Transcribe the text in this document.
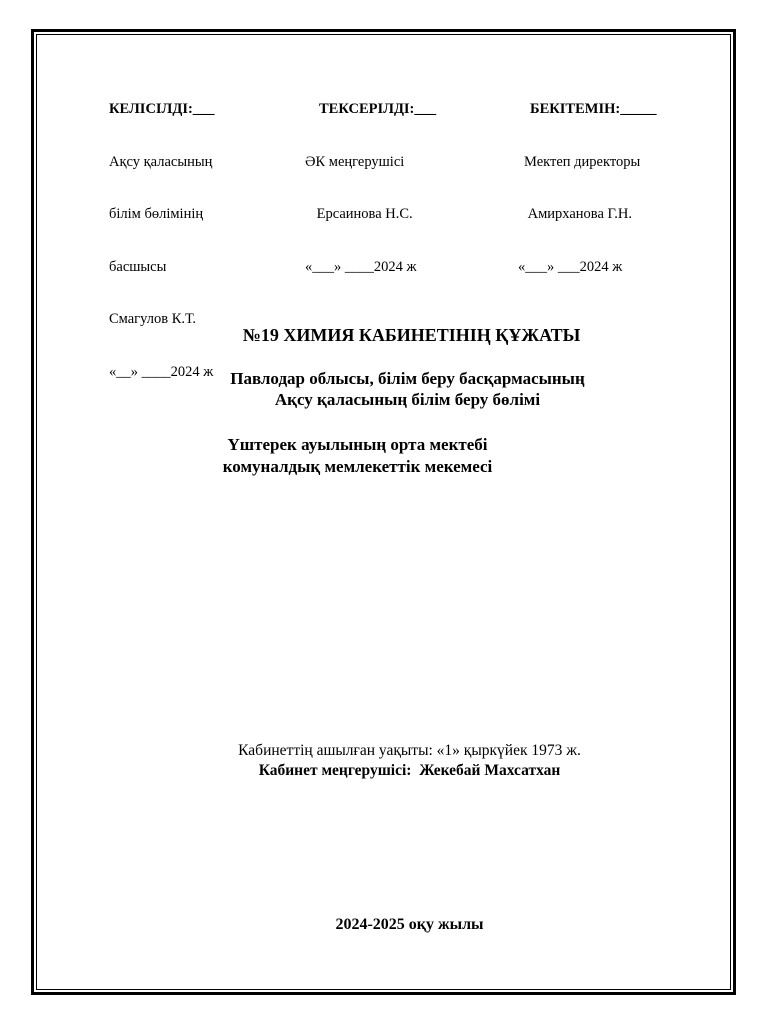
КЕЛІСІЛДІ:___

Ақсу қаласының

білім бөлімінің

басшысы

Смагулов К.Т.

«__» ____2024 ж

ТЕКСЕРІЛДІ:___

ӘК меңгерушісі

Ерсаинова Н.С.

«___» ____2024 ж

БЕКІТЕМІН:_____

Мектеп директоры

Амирханова Г.Н.

«___» ___2024 ж

№19 ХИМИЯ КАБИНЕТІНІҢ ҚҰЖАТЫ
Павлодар облысы, білім беру басқармасының
Ақсу қаласының білім беру бөлімі
Үштерек ауылының орта мектебі
комуналдық мемлекеттік мекемесі
Кабинеттің ашылған уақыты: «1» қыркүйек 1973 ж.
Кабинет меңгерушісі:  Жекебай Махсатхан
2024-2025 оқу жылы
